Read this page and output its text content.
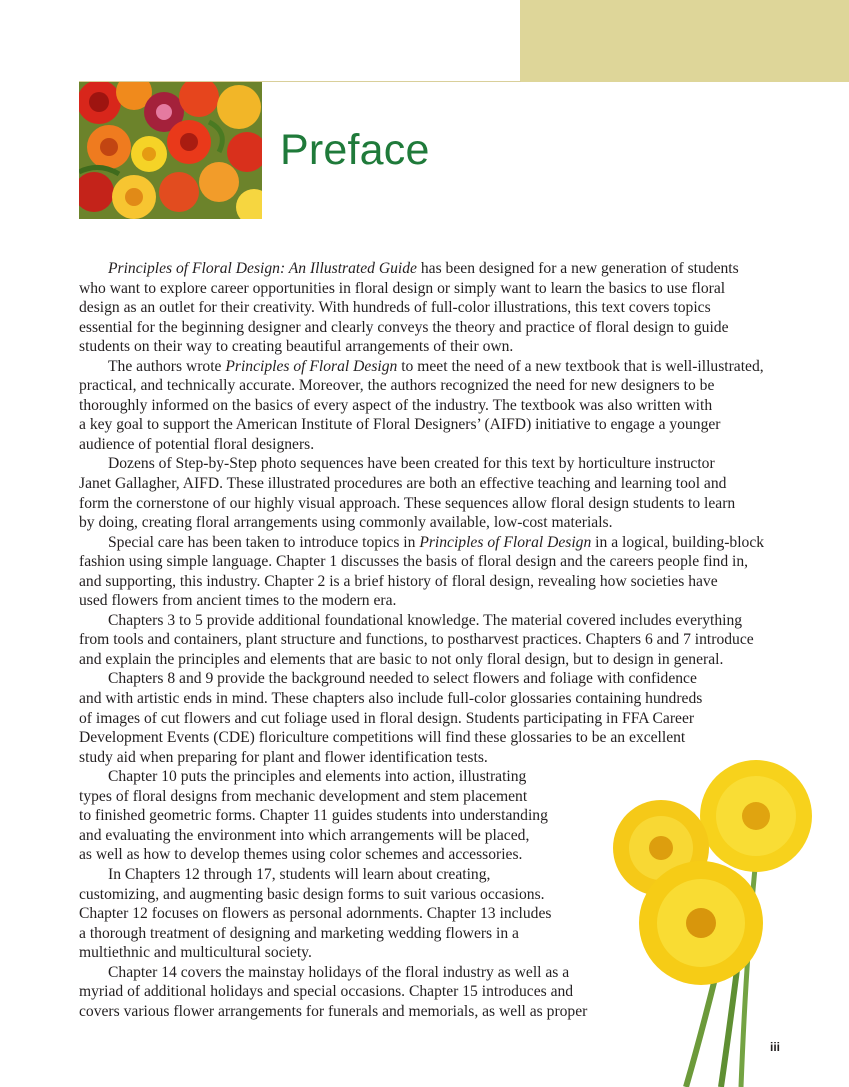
Preface

Principles of Floral Design: An Illustrated Guide has been designed for a new generation of students
who want to explore career opportunities in floral design or simply want to learn the basics to use floral
design as an outlet for their creativity. With hundreds of full-color illustrations, this text covers topics
essential for the beginning designer and clearly conveys the theory and practice of floral design to guide
students on their way to creating beautiful arrangements of their own.

The authors wrote Principles of Floral Design to meet the need of a new textbook that is well-illustrated,
practical, and technically accurate. Moreover, the authors recognized the need for new designers to be
thoroughly informed on the basics of every aspect of the industry. The textbook was also written with
a key goal to support the American Institute of Floral Designers’ (AIFD) initiative to engage a younger
audience of potential floral designers.

Dozens of Step-by-Step photo sequences have been created for this text by horticulture instructor
Janet Gallagher, AIFD. These illustrated procedures are both an effective teaching and learning tool and
form the cornerstone of our highly visual approach. These sequences allow floral design students to learn
by doing, creating floral arrangements using commonly available, low-cost materials.

Special care has been taken to introduce topics in Principles of Floral Design in a logical, building-block
fashion using simple language. Chapter 1 discusses the basis of floral design and the careers people find in,
and supporting, this industry. Chapter 2 is a brief history of floral design, revealing how societies have
used flowers from ancient times to the modern era.

Chapters 3 to 5 provide additional foundational knowledge. The material covered includes everything
from tools and containers, plant structure and functions, to postharvest practices. Chapters 6 and 7 introduce
and explain the principles and elements that are basic to not only floral design, but to design in general.

Chapters 8 and 9 provide the background needed to select flowers and foliage with confidence
and with artistic ends in mind. These chapters also include full-color glossaries containing hundreds
of images of cut flowers and cut foliage used in floral design. Students participating in FFA Career
Development Events (CDE) floriculture competitions will find these glossaries to be an excellent
study aid when preparing for plant and flower identification tests.

Chapter 10 puts the principles and elements into action, illustrating
types of floral designs from mechanic development and stem placement
to finished geometric forms. Chapter 11 guides students into understanding
and evaluating the environment into which arrangements will be placed,
as well as how to develop themes using color schemes and accessories.

In Chapters 12 through 17, students will learn about creating,
customizing, and augmenting basic design forms to suit various occasions.
Chapter 12 focuses on flowers as personal adornments. Chapter 13 includes
a thorough treatment of designing and marketing wedding flowers in a
multiethnic and multicultural society.

Chapter 14 covers the mainstay holidays of the floral industry as well as a
myriad of additional holidays and special occasions. Chapter 15 introduces and
covers various flower arrangements for funerals and memorials, as well as proper

iii
